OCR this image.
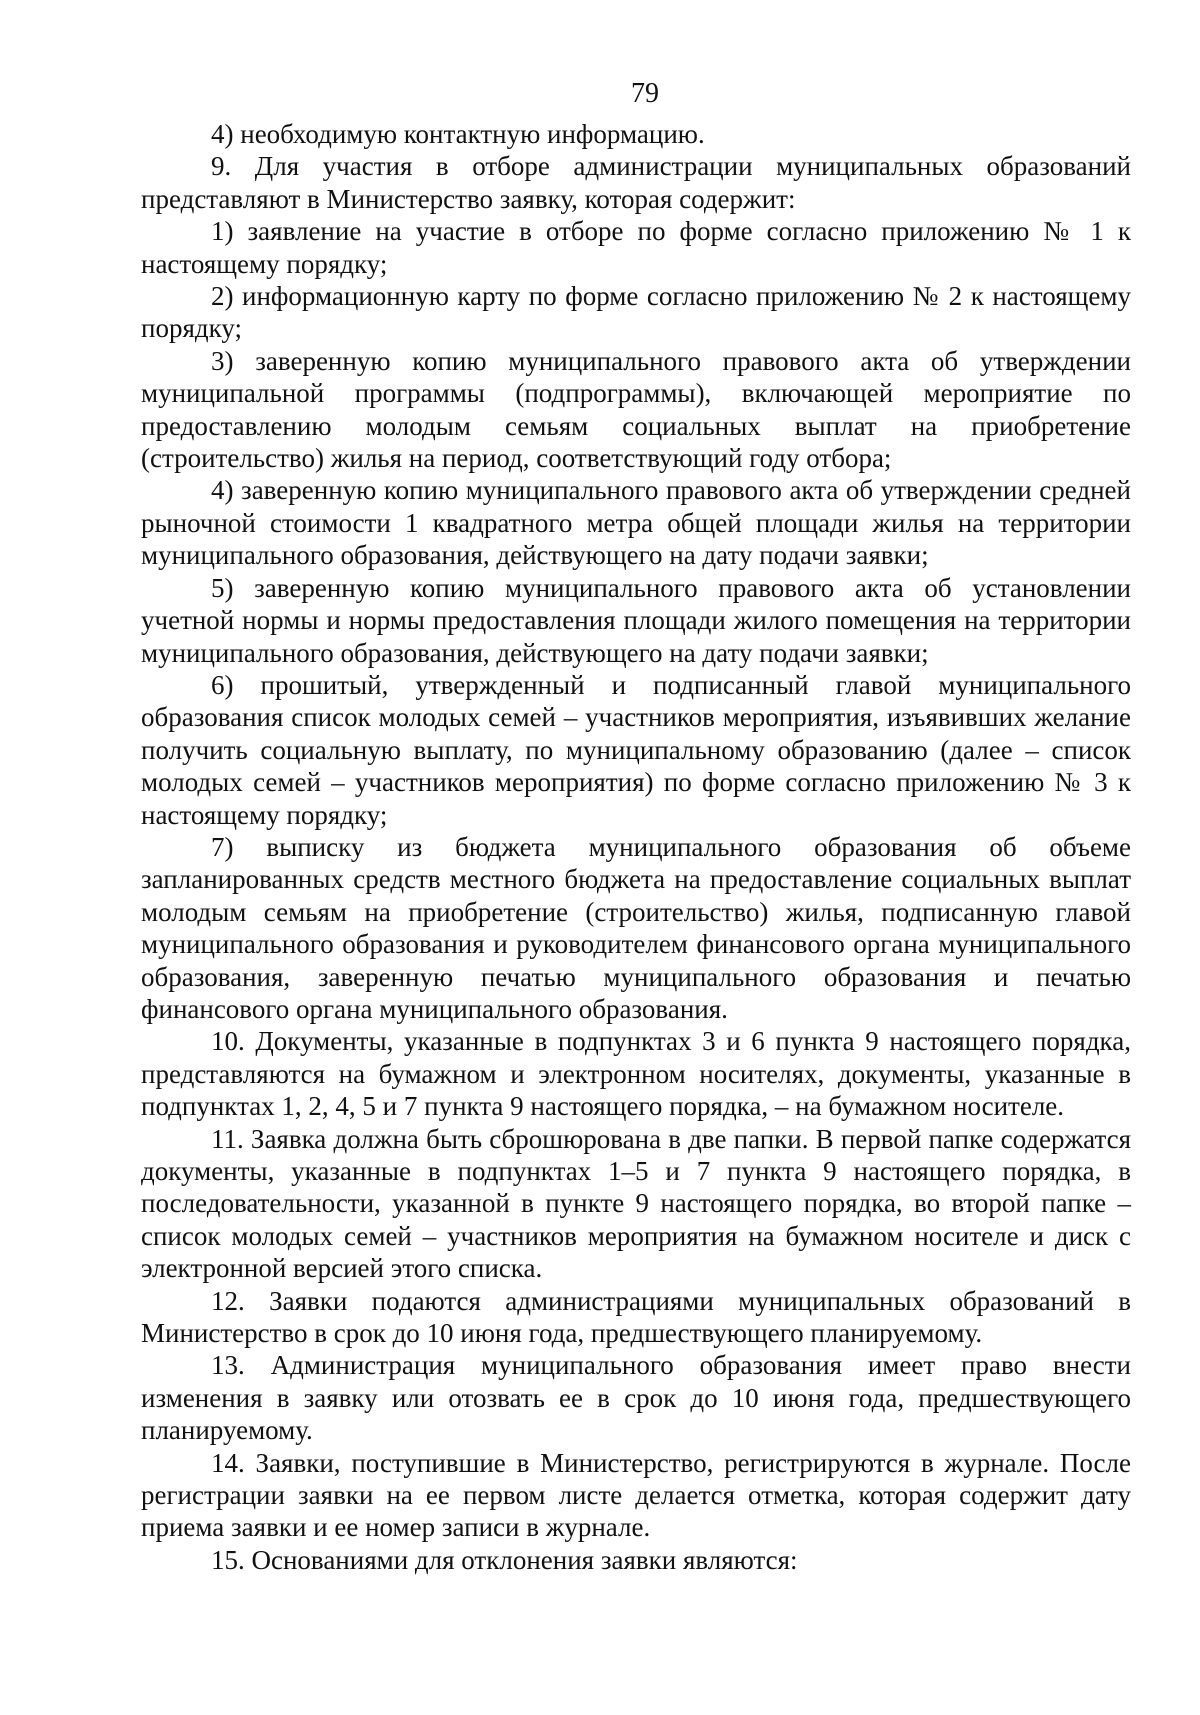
79

4) необходимую контактную информацию.

9. Для участия в отборе администрации муниципальных образований представляют в Министерство заявку, которая содержит:

1) заявление на участие в отборе по форме согласно приложению № 1 к настоящему порядку;

2) информационную карту по форме согласно приложению № 2 к настоящему порядку;

3) заверенную копию муниципального правового акта об утверждении муниципальной программы (подпрограммы), включающей мероприятие по предоставлению молодым семьям социальных выплат на приобретение (строительство) жилья на период, соответствующий году отбора;

4) заверенную копию муниципального правового акта об утверждении средней рыночной стоимости 1 квадратного метра общей площади жилья на территории муниципального образования, действующего на дату подачи заявки;

5) заверенную копию муниципального правового акта об установлении учетной нормы и нормы предоставления площади жилого помещения на территории муниципального образования, действующего на дату подачи заявки;

6) прошитый, утвержденный и подписанный главой муниципального образования список молодых семей – участников мероприятия, изъявивших желание получить социальную выплату, по муниципальному образованию (далее – список молодых семей – участников мероприятия) по форме согласно приложению № 3 к настоящему порядку;

7) выписку из бюджета муниципального образования об объеме запланированных средств местного бюджета на предоставление социальных выплат молодым семьям на приобретение (строительство) жилья, подписанную главой муниципального образования и руководителем финансового органа муниципального образования, заверенную печатью муниципального образования и печатью финансового органа муниципального образования.

10. Документы, указанные в подпунктах 3 и 6 пункта 9 настоящего порядка, представляются на бумажном и электронном носителях, документы, указанные в подпунктах 1, 2, 4, 5 и 7 пункта 9 настоящего порядка, – на бумажном носителе.

11. Заявка должна быть сброшюрована в две папки. В первой папке содержатся документы, указанные в подпунктах 1–5 и 7 пункта 9 настоящего порядка, в последовательности, указанной в пункте 9 настоящего порядка, во второй папке – список молодых семей – участников мероприятия на бумажном носителе и диск с электронной версией этого списка.

12. Заявки подаются администрациями муниципальных образований в Министерство в срок до 10 июня года, предшествующего планируемому.

13. Администрация муниципального образования имеет право внести изменения в заявку или отозвать ее в срок до 10 июня года, предшествующего планируемому.

14. Заявки, поступившие в Министерство, регистрируются в журнале. После регистрации заявки на ее первом листе делается отметка, которая содержит дату приема заявки и ее номер записи в журнале.

15. Основаниями для отклонения заявки являются:
